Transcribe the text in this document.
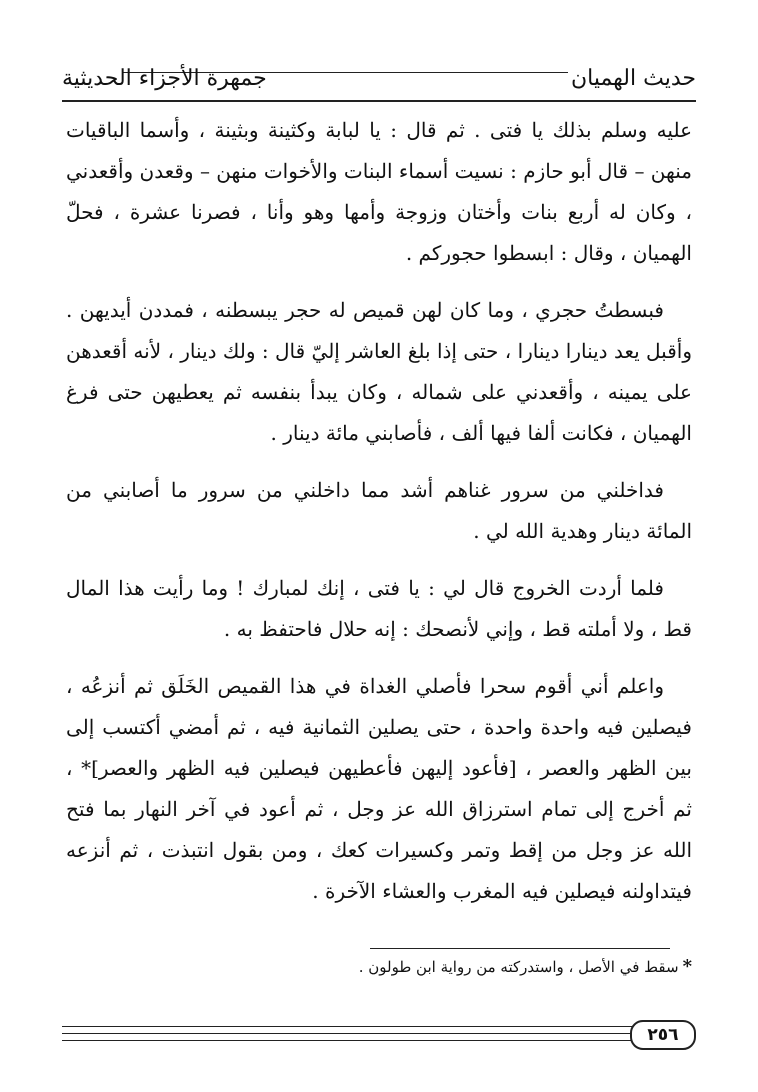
حديث الهميان
جمهرة الأجزاء الحديثية

عليه وسلم بذلك يا فتى . ثم قال : يا لبابة وكثينة وبثينة ، وأسما الباقيات منهن – قال أبو حازم : نسيت أسماء البنات والأخوات منهن – وقعدن وأقعدني ، وكان له أربع بنات وأختان وزوجة وأمها وهو وأنا ، فصرنا عشرة ، فحلّ الهميان ، وقال : ابسطوا حجوركم .

فبسطتُ حجري ، وما كان لهن قميص له حجر يبسطنه ، فمددن أيديهن . وأقبل يعد دينارا دينارا ، حتى إذا بلغ العاشر إليّ قال : ولك دينار ، لأنه أقعدهن على يمينه ، وأقعدني على شماله ، وكان يبدأ بنفسه ثم يعطيهن حتى فرغ الهميان ، فكانت ألفا فيها ألف ، فأصابني مائة دينار .

فداخلني من سرور غناهم أشد مما داخلني من سرور ما أصابني من المائة دينار وهدية الله لي .

فلما أردت الخروج قال لي : يا فتى ، إنك لمبارك ! وما رأيت هذا المال قط ، ولا أملته قط ، وإني لأنصحك : إنه حلال فاحتفظ به .

واعلم أني أقوم سحرا فأصلي الغداة في هذا القميص الخَلَق ثم أنزعُه ، فيصلين فيه واحدة واحدة ، حتى يصلين الثمانية فيه ، ثم أمضي أكتسب إلى بين الظهر والعصر ، [فأعود إليهن فأعطيهن فيصلين فيه الظهر والعصر]* ، ثم أخرج إلى تمام استرزاق الله عز وجل ، ثم أعود في آخر النهار بما فتح الله عز وجل من إقط وتمر وكسيرات كعك ، ومن بقول انتبذت ، ثم أنزعه فيتداولنه فيصلين فيه المغرب والعشاء الآخرة .

*سقط في الأصل ، واستدركته من رواية ابن طولون .
٢٥٦
